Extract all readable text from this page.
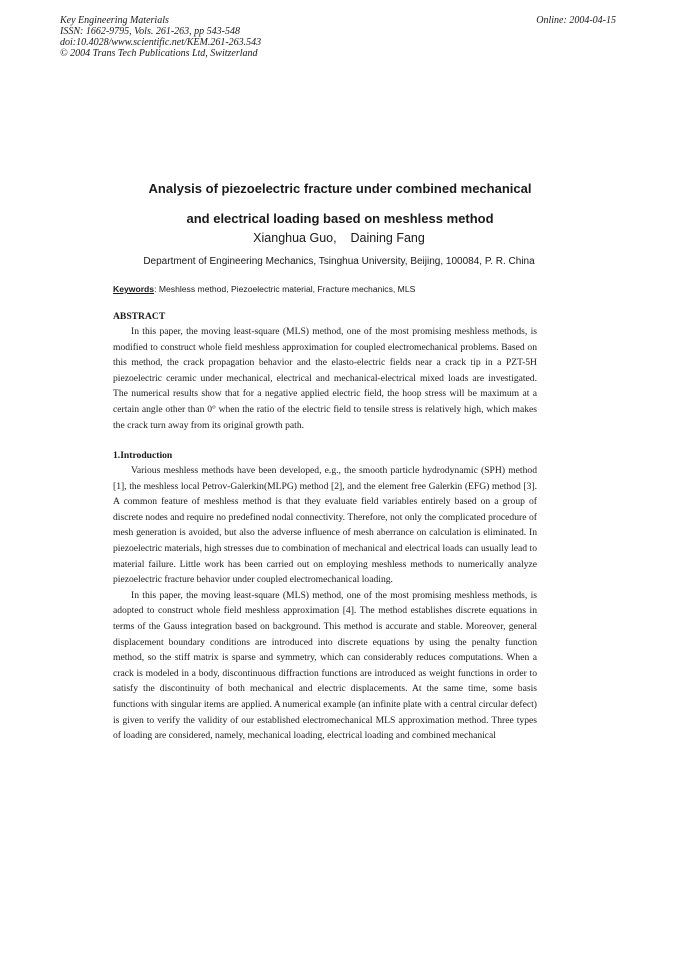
Key Engineering Materials
ISSN: 1662-9795, Vols. 261-263, pp 543-548
doi:10.4028/www.scientific.net/KEM.261-263.543
© 2004 Trans Tech Publications Ltd, Switzerland
Online: 2004-04-15
Analysis of piezoelectric fracture under combined mechanical
and electrical loading based on meshless method
Xianghua Guo,    Daining Fang
Department of Engineering Mechanics, Tsinghua University, Beijing, 100084, P. R. China
Keywords: Meshless method, Piezoelectric material, Fracture mechanics, MLS
ABSTRACT

In this paper, the moving least-square (MLS) method, one of the most promising meshless methods, is modified to construct whole field meshless approximation for coupled electromechanical problems. Based on this method, the crack propagation behavior and the elasto-electric fields near a crack tip in a PZT-5H piezoelectric ceramic under mechanical, electrical and mechanical-electrical mixed loads are investigated. The numerical results show that for a negative applied electric field, the hoop stress will be maximum at a certain angle other than 0° when the ratio of the electric field to tensile stress is relatively high, which makes the crack turn away from its original growth path.

1.Introduction

Various meshless methods have been developed, e.g., the smooth particle hydrodynamic (SPH) method [1], the meshless local Petrov-Galerkin(MLPG) method [2], and the element free Galerkin (EFG) method [3]. A common feature of meshless method is that they evaluate field variables entirely based on a group of discrete nodes and require no predefined nodal connectivity. Therefore, not only the complicated procedure of mesh generation is avoided, but also the adverse influence of mesh aberrance on calculation is eliminated. In piezoelectric materials, high stresses due to combination of mechanical and electrical loads can usually lead to material failure. Little work has been carried out on employing meshless methods to numerically analyze piezoelectric fracture behavior under coupled electromechanical loading.

In this paper, the moving least-square (MLS) method, one of the most promising meshless methods, is adopted to construct whole field meshless approximation [4]. The method establishes discrete equations in terms of the Gauss integration based on background. This method is accurate and stable. Moreover, general displacement boundary conditions are introduced into discrete equations by using the penalty function method, so the stiff matrix is sparse and symmetry, which can considerably reduces computations. When a crack is modeled in a body, discontinuous diffraction functions are introduced as weight functions in order to satisfy the discontinuity of both mechanical and electric displacements. At the same time, some basis functions with singular items are applied. A numerical example (an infinite plate with a central circular defect) is given to verify the validity of our established electromechanical MLS approximation method. Three types of loading are considered, namely, mechanical loading, electrical loading and combined mechanical
